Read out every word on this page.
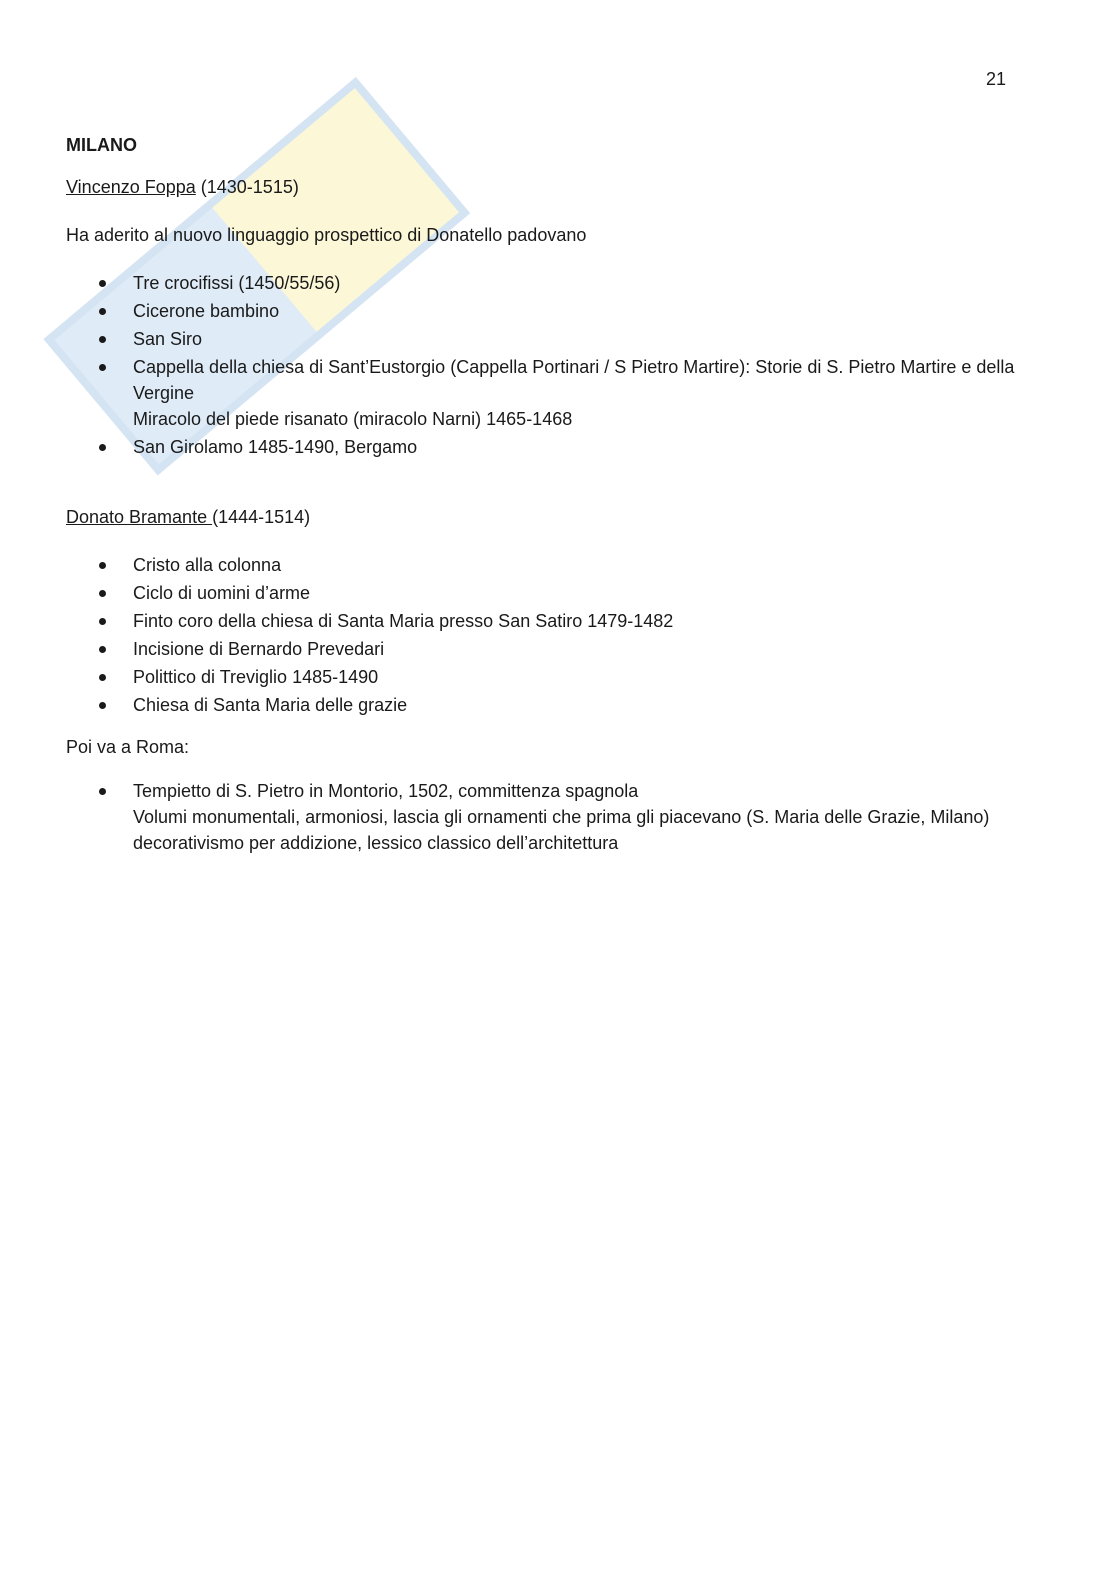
21
MILANO
Vincenzo Foppa (1430-1515)
Ha aderito al nuovo linguaggio prospettico di Donatello padovano
Tre crocifissi (1450/55/56)
Cicerone bambino
San Siro
Cappella della chiesa di Sant’Eustorgio (Cappella Portinari / S Pietro Martire): Storie di S. Pietro Martire e della Vergine
Miracolo del piede risanato (miracolo Narni) 1465-1468
San Girolamo 1485-1490, Bergamo
Donato Bramante (1444-1514)
Cristo alla colonna
Ciclo di uomini d’arme
Finto coro della chiesa di Santa Maria presso San Satiro 1479-1482
Incisione di Bernardo Prevedari
Polittico di Treviglio 1485-1490
Chiesa di Santa Maria delle grazie
Poi va a Roma:
Tempietto di S. Pietro in Montorio, 1502, committenza spagnola
Volumi monumentali, armoniosi, lascia gli ornamenti che prima gli piacevano (S. Maria delle Grazie, Milano) decorativismo per addizione, lessico classico dell’architettura
